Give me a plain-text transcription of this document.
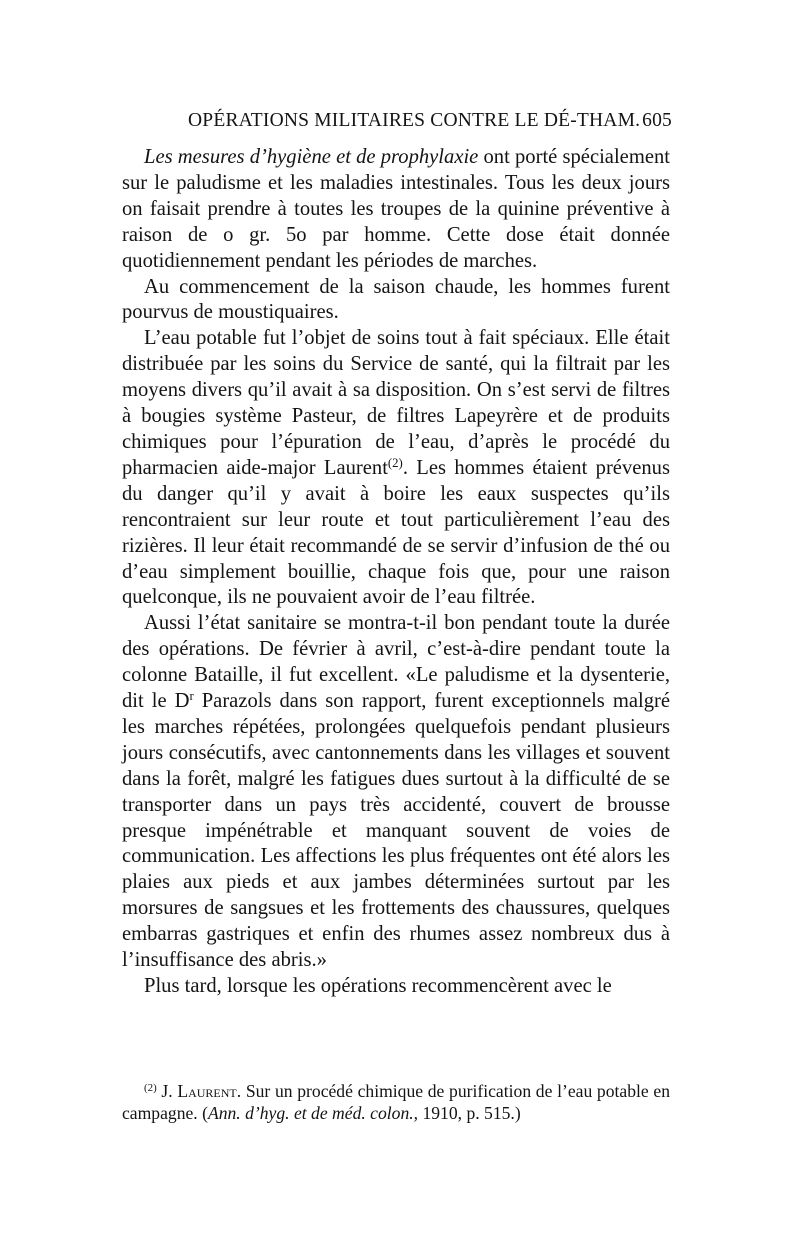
OPÉRATIONS MILITAIRES CONTRE LE DÉ-THAM. 605

Les mesures d’hygiène et de prophylaxie ont porté spécialement sur le paludisme et les maladies intestinales. Tous les deux jours on faisait prendre à toutes les troupes de la quinine préventive à raison de o gr. 5o par homme. Cette dose était donnée quotidiennement pendant les périodes de marches.

Au commencement de la saison chaude, les hommes furent pourvus de moustiquaires.

L’eau potable fut l’objet de soins tout à fait spéciaux. Elle était distribuée par les soins du Service de santé, qui la filtrait par les moyens divers qu’il avait à sa disposition. On s’est servi de filtres à bougies système Pasteur, de filtres Lapeyrère et de produits chimiques pour l’épuration de l’eau, d’après le procédé du pharmacien aide-major Laurent$^{(2)}$. Les hommes étaient prévenus du danger qu’il y avait à boire les eaux suspectes qu’ils rencontraient sur leur route et tout particulièrement l’eau des rizières. Il leur était recommandé de se servir d’infusion de thé ou d’eau simplement bouillie, chaque fois que, pour une raison quelconque, ils ne pouvaient avoir de l’eau filtrée.

Aussi l’état sanitaire se montra-t-il bon pendant toute la durée des opérations. De février à avril, c’est-à-dire pendant toute la colonne Bataille, il fut excellent. «Le paludisme et la dysenterie, dit le $D^r$ Parazols dans son rapport, furent exceptionnels malgré les marches répétées, prolongées quelquefois pendant plusieurs jours consécutifs, avec cantonnements dans les villages et souvent dans la forêt, malgré les fatigues dues surtout à la difficulté de se transporter dans un pays très accidenté, couvert de brousse presque impénétrable et manquant souvent de voies de communication. Les affections les plus fréquentes ont été alors les plaies aux pieds et aux jambes déterminées surtout par les morsures de sangsues et les frottements des chaussures, quelques embarras gastriques et enfin des rhumes assez nombreux dus à l’insuffisance des abris.»

Plus tard, lorsque les opérations recommencèrent avec le

$^{(2)}$ J. Laurent. Sur un procédé chimique de purification de l’eau potable en campagne. (Ann. d’hyg. et de méd. colon., 1910, p. 515.)
